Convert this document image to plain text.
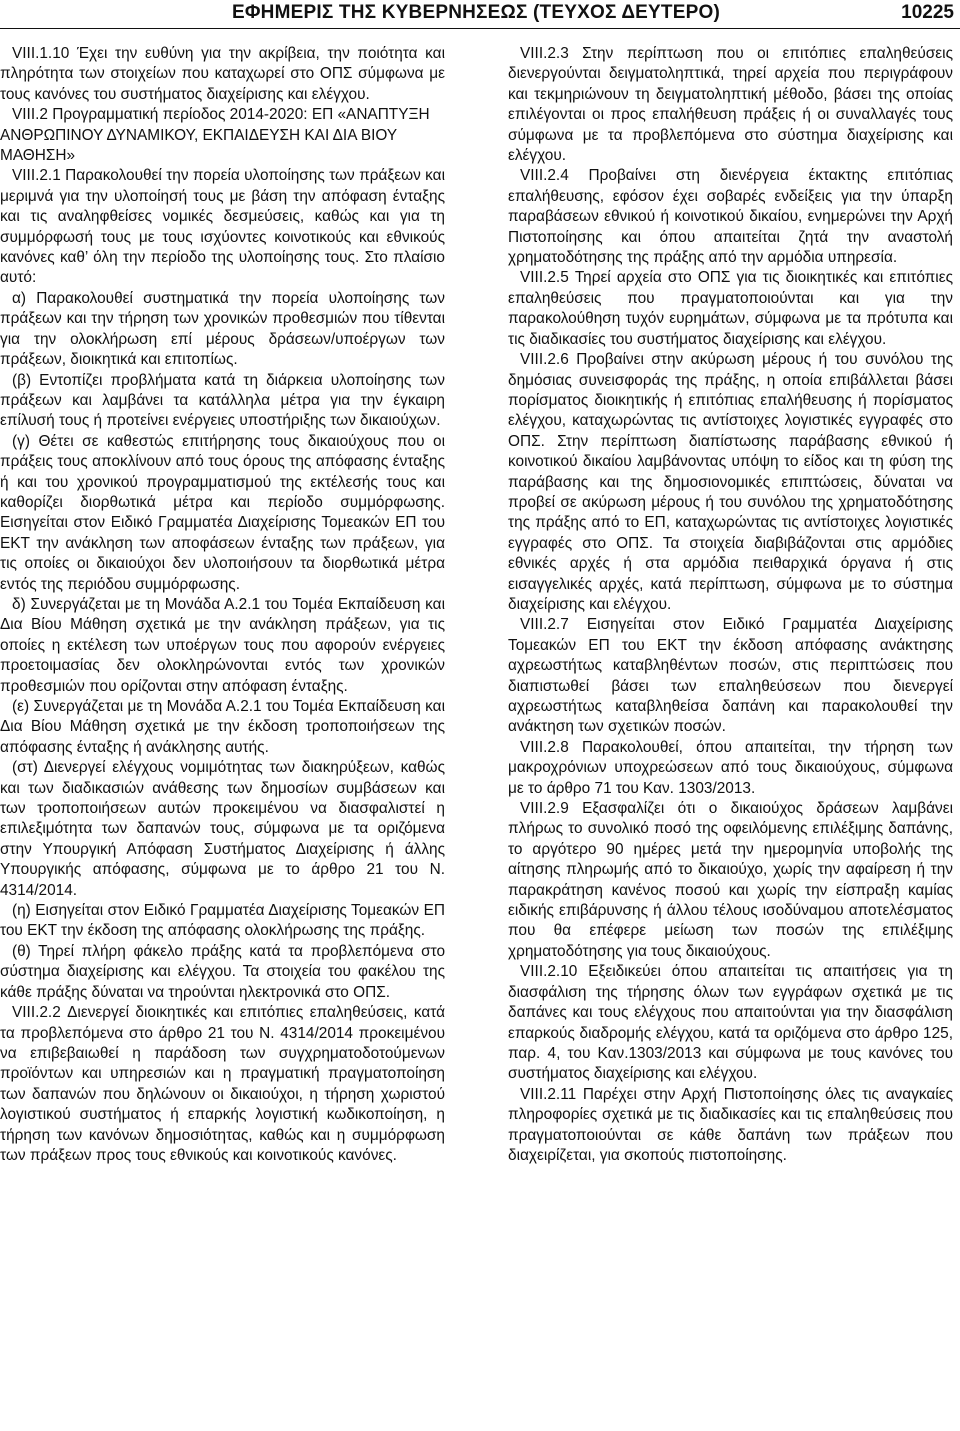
ΕΦΗΜΕΡΙΣ ΤΗΣ ΚΥΒΕΡΝΗΣΕΩΣ (ΤΕΥΧΟΣ ΔΕΥΤΕΡΟ)	10225

VIII.1.10 Έχει την ευθύνη για την ακρίβεια, την ποιότητα και πληρότητα των στοιχείων που καταχωρεί στο ΟΠΣ σύμφωνα με τους κανόνες του συστήματος διαχείρισης και ελέγχου.

VIII.2 Προγραμματική περίοδος 2014-2020: ΕΠ «ΑΝΑΠΤΥΞΗ ΑΝΘΡΩΠΙΝΟΥ ΔΥΝΑΜΙΚΟΥ, ΕΚΠΑΙΔΕΥΣΗ ΚΑΙ ΔΙΑ ΒΙΟΥ ΜΑΘΗΣΗ»

VIII.2.1 Παρακολουθεί την πορεία υλοποίησης των πράξεων και μεριμνά για την υλοποίησή τους με βάση την απόφαση ένταξης και τις αναληφθείσες νομικές δεσμεύσεις, καθώς και για τη συμμόρφωσή τους με τους ισχύοντες κοινοτικούς και εθνικούς κανόνες καθ’ όλη την περίοδο της υλοποίησης τους. Στο πλαίσιο αυτό:

α) Παρακολουθεί συστηματικά την πορεία υλοποίησης των πράξεων και την τήρηση των χρονικών προθεσμιών που τίθενται για την ολοκλήρωση επί μέρους δράσεων/υποέργων των πράξεων, διοικητικά και επιτοπίως.

(β) Εντοπίζει προβλήματα κατά τη διάρκεια υλοποίησης των πράξεων και λαμβάνει τα κατάλληλα μέτρα για την έγκαιρη επίλυσή τους ή προτείνει ενέργειες υποστήριξης των δικαιούχων.

(γ) Θέτει σε καθεστώς επιτήρησης τους δικαιούχους που οι πράξεις τους αποκλίνουν από τους όρους της απόφασης ένταξης ή και του χρονικού προγραμματισμού της εκτέλεσής τους και καθορίζει διορθωτικά μέτρα και περίοδο συμμόρφωσης. Εισηγείται στον Ειδικό Γραμματέα Διαχείρισης Τομεακών ΕΠ του ΕΚΤ την ανάκληση των αποφάσεων ένταξης των πράξεων, για τις οποίες οι δικαιούχοι δεν υλοποιήσουν τα διορθωτικά μέτρα εντός της περιόδου συμμόρφωσης.

δ) Συνεργάζεται με τη Μονάδα Α.2.1 του Τομέα Εκπαίδευση και Δια Βίου Μάθηση σχετικά με την ανάκληση πράξεων, για τις οποίες η εκτέλεση των υποέργων τους που αφορούν ενέργειες προετοιμασίας δεν ολοκληρώνονται εντός των χρονικών προθεσμιών που ορίζονται στην απόφαση ένταξης.

(ε) Συνεργάζεται με τη Μονάδα Α.2.1 του Τομέα Εκπαίδευση και Δια Βίου Μάθηση σχετικά με την έκδοση τροποποιήσεων της απόφασης ένταξης ή ανάκλησης αυτής.

(στ) Διενεργεί ελέγχους νομιμότητας των διακηρύξεων, καθώς και των διαδικασιών ανάθεσης των δημοσίων συμβάσεων και των τροποποιήσεων αυτών προκειμένου να διασφαλιστεί η επιλεξιμότητα των δαπανών τους, σύμφωνα με τα οριζόμενα στην Υπουργική Απόφαση Συστήματος Διαχείρισης ή άλλης Υπουργικής απόφασης, σύμφωνα με το άρθρο 21 του Ν. 4314/2014.

(η) Εισηγείται στον Ειδικό Γραμματέα Διαχείρισης Τομεακών ΕΠ του ΕΚΤ την έκδοση της απόφασης ολοκλήρωσης της πράξης.

(θ) Τηρεί πλήρη φάκελο πράξης κατά τα προβλεπόμενα στο σύστημα διαχείρισης και ελέγχου. Τα στοιχεία του φακέλου της κάθε πράξης δύναται να τηρούνται ηλεκτρονικά στο ΟΠΣ.

VIII.2.2 Διενεργεί διοικητικές και επιτόπιες επαληθεύσεις, κατά τα προβλεπόμενα στο άρθρο 21 του Ν. 4314/2014 προκειμένου να επιβεβαιωθεί η παράδοση των συγχρηματοδοτούμενων προϊόντων και υπηρεσιών και η πραγματική πραγματοποίηση των δαπανών που δηλώνουν οι δικαιούχοι, η τήρηση χωριστού λογιστικού συστήματος ή επαρκής λογιστική κωδικοποίηση, η τήρηση των κανόνων δημοσιότητας, καθώς και η συμμόρφωση των πράξεων προς τους εθνικούς και κοινοτικούς κανόνες.

VIII.2.3 Στην περίπτωση που οι επιτόπιες επαληθεύσεις διενεργούνται δειγματοληπτικά, τηρεί αρχεία που περιγράφουν και τεκμηριώνουν τη δειγματοληπτική μέθοδο, βάσει της οποίας επιλέγονται οι προς επαλήθευση πράξεις ή οι συναλλαγές τους σύμφωνα με τα προβλεπόμενα στο σύστημα διαχείρισης και ελέγχου.

VIII.2.4 Προβαίνει στη διενέργεια έκτακτης επιτόπιας επαλήθευσης, εφόσον έχει σοβαρές ενδείξεις για την ύπαρξη παραβάσεων εθνικού ή κοινοτικού δικαίου, ενημερώνει την Αρχή Πιστοποίησης και όπου απαιτείται ζητά την αναστολή χρηματοδότησης της πράξης από την αρμόδια υπηρεσία.

VIII.2.5 Τηρεί αρχεία στο ΟΠΣ για τις διοικητικές και επιτόπιες επαληθεύσεις που πραγματοποιούνται και για την παρακολούθηση τυχόν ευρημάτων, σύμφωνα με τα πρότυπα και τις διαδικασίες του συστήματος διαχείρισης και ελέγχου.

VIII.2.6 Προβαίνει στην ακύρωση μέρους ή του συνόλου της δημόσιας συνεισφοράς της πράξης, η οποία επιβάλλεται βάσει πορίσματος διοικητικής ή επιτόπιας επαλήθευσης ή πορίσματος ελέγχου, καταχωρώντας τις αντίστοιχες λογιστικές εγγραφές στο ΟΠΣ. Στην περίπτωση διαπίστωσης παράβασης εθνικού ή κοινοτικού δικαίου λαμβάνοντας υπόψη το είδος και τη φύση της παράβασης και της δημοσιονομικές επιπτώσεις, δύναται να προβεί σε ακύρωση μέρους ή του συνόλου της χρηματοδότησης της πράξης από το ΕΠ, καταχωρώντας τις αντίστοιχες λογιστικές εγγραφές στο ΟΠΣ. Τα στοιχεία διαβιβάζονται στις αρμόδιες εθνικές αρχές ή στα αρμόδια πειθαρχικά όργανα ή στις εισαγγελικές αρχές, κατά περίπτωση, σύμφωνα με το σύστημα διαχείρισης και ελέγχου.

VIII.2.7 Εισηγείται στον Ειδικό Γραμματέα Διαχείρισης Τομεακών ΕΠ του ΕΚΤ την έκδοση απόφασης ανάκτησης αχρεωστήτως καταβληθέντων ποσών, στις περιπτώσεις που διαπιστωθεί βάσει των επαληθεύσεων που διενεργεί αχρεωστήτως καταβληθείσα δαπάνη και παρακολουθεί την ανάκτηση των σχετικών ποσών.

VIII.2.8 Παρακολουθεί, όπου απαιτείται, την τήρηση των μακροχρόνιων υποχρεώσεων από τους δικαιούχους, σύμφωνα με το άρθρο 71 του Καν. 1303/2013.

VIII.2.9 Εξασφαλίζει ότι ο δικαιούχος δράσεων λαμβάνει πλήρως το συνολικό ποσό της οφειλόμενης επιλέξιμης δαπάνης, το αργότερο 90 ημέρες μετά την ημερομηνία υποβολής της αίτησης πληρωμής από το δικαιούχο, χωρίς την αφαίρεση ή την παρακράτηση κανένος ποσού και χωρίς την είσπραξη καμίας ειδικής επιβάρυνσης ή άλλου τέλους ισοδύναμου αποτελέσματος που θα επέφερε μείωση των ποσών της επιλέξιμης χρηματοδότησης για τους δικαιούχους.

VIII.2.10 Εξειδικεύει όπου απαιτείται τις απαιτήσεις για τη διασφάλιση της τήρησης όλων των εγγράφων σχετικά με τις δαπάνες και τους ελέγχους που απαιτούνται για την διασφάλιση επαρκούς διαδρομής ελέγχου, κατά τα οριζόμενα στο άρθρο 125, παρ. 4, του Καν.1303/2013 και σύμφωνα με τους κανόνες του συστήματος διαχείρισης και ελέγχου.

VIII.2.11 Παρέχει στην Αρχή Πιστοποίησης όλες τις αναγκαίες πληροφορίες σχετικά με τις διαδικασίες και τις επαληθεύσεις που πραγματοποιούνται σε κάθε δαπάνη των πράξεων που διαχειρίζεται, για σκοπούς πιστοποίησης.
